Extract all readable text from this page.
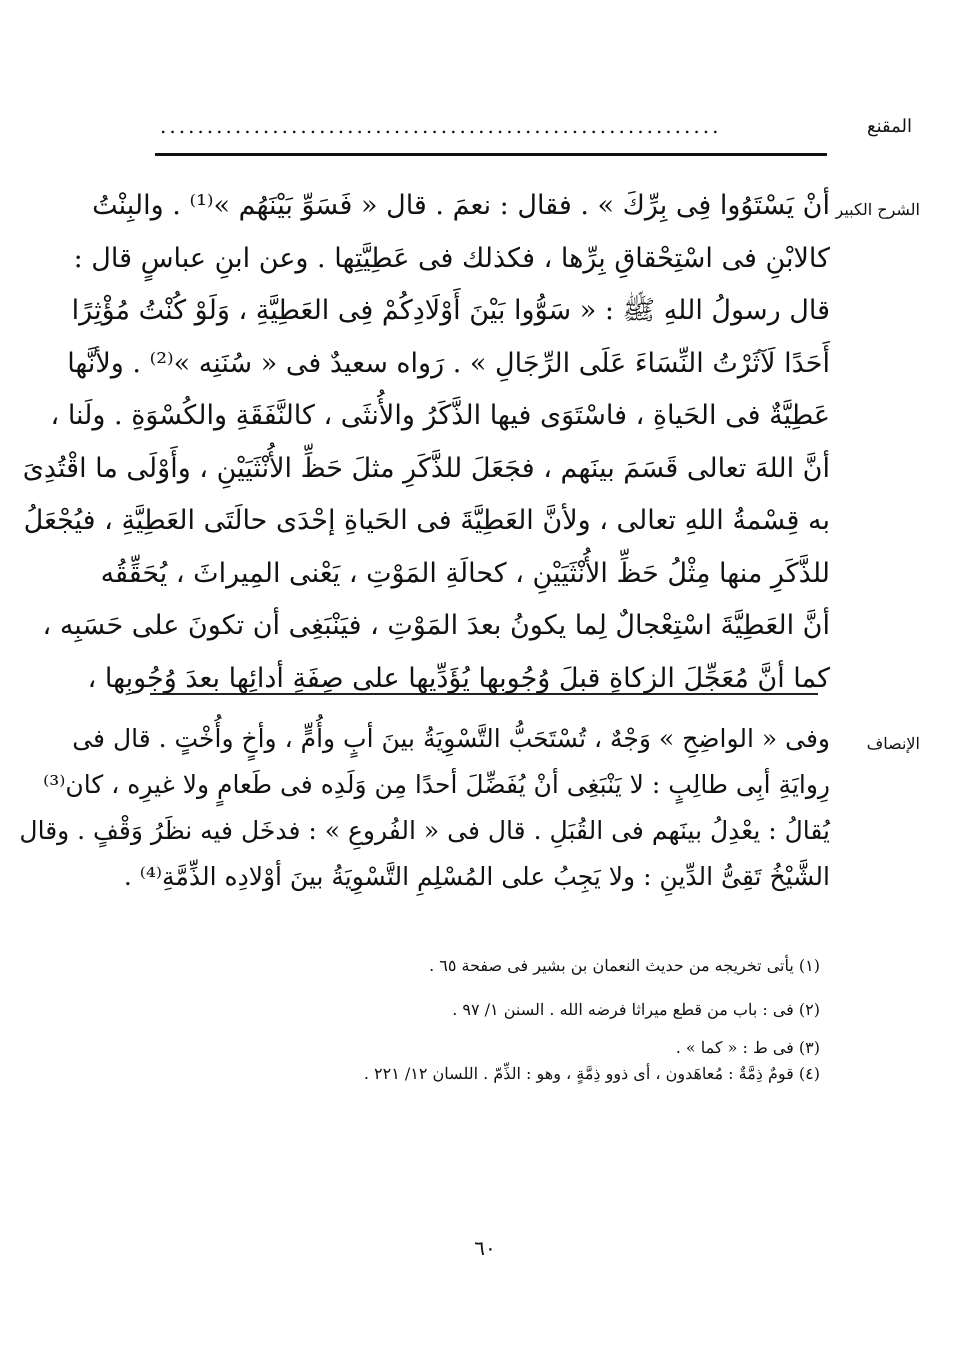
المقنع
............................................................
الشرح الكبير
أنْ يَسْتَوُوا فِى بِرِّكَ » . فقال : نعمَ . قال « فَسَوِّ بَيْنَهُم »⁽¹⁾ . والبِنْتُ
كالابْنِ فى اسْتِحْقاقِ بِرِّها ، فكذلك فى عَطِيَّتِها . وعن ابنِ عباسٍ قال :
قال رسولُ اللهِ ﷺ : « سَوُّوا بَيْنَ أَوْلَادِكُمْ فِى العَطِيَّةِ ، وَلَوْ كُنْتُ مُؤْثِرًا
أَحَدًا لَآثَرْتُ النِّسَاءَ عَلَى الرِّجَالِ » . رَواه سعيدٌ فى « سُنَنِه »⁽²⁾ . ولأنَّها
عَطِيَّةٌ فى الحَياةِ ، فاسْتَوَى فيها الذَّكَرُ والأُنثَى ، كالنَّفَقَةِ والكُسْوَةِ . ولَنا ،
أنَّ اللهَ تعالى قَسَمَ بينَهم ، فجَعَلَ للذَّكَرِ مثلَ حَظِّ الأُنْثَيَيْنِ ، وأَوْلَى ما اقْتُدِىَ
به قِسْمةُ اللهِ تعالى ، ولأنَّ العَطِيَّةَ فى الحَياةِ إحْدَى حالَتَى العَطِيَّةِ ، فيُجْعَلُ
للذَّكَرِ منها مِثْلُ حَظِّ الأُنْثَيَيْنِ ، كحالَةِ المَوْتِ ، يَعْنى المِيراثَ ، يُحَقِّقُه
أنَّ العَطِيَّةَ اسْتِعْجالٌ لِما يكونُ بعدَ المَوْتِ ، فيَنْبَغِى أن تكونَ على حَسَبِه ،
كما أنَّ مُعَجِّلَ الزكاةِ قبلَ وُجُوبِها يُؤَدِّيها على صِفَةِ أدائِها بعدَ وُجُوبِها ،
الإنصاف
وفى « الواضِحِ » وَجْهٌ ، تُسْتَحَبُّ التَّسْوِيَةُ بينَ أبٍ وأُمٍّ ، وأخٍ وأُخْتٍ . قال فى
رِوايَةِ أبِى طالِبٍ : لا يَنْبَغِى أنْ يُفَضِّلَ أحدًا مِن وَلَدِه فى طَعامٍ ولا غيرِه ، كان⁽³⁾
يُقالُ : يعْدِلُ بينَهم فى القُبَلِ . قال فى « الفُروعِ » : فدخَل فيه نظَرُ وَقْفٍ . وقال
الشَّيْخُ تَقِىُّ الدِّينِ : ولا يَجِبُ على المُسْلِمِ التَّسْوِيَةُ بينَ أوْلادِه الذِّمَّةِ⁽⁴⁾ .
(١) يأتى تخريجه من حديث النعمان بن بشير فى صفحة ٦٥ .
(٢) فى : باب من قطع ميراثا فرضه الله . السنن ١/ ٩٧ .
(٣) فى ط : « كما » .
(٤) قومٌ ذِمَّةٌ : مُعاهَدون ، أى ذوو ذِمَّةٍ ، وهو : الذِّمّ . اللسان ١٢/ ٢٢١ .
٦٠
